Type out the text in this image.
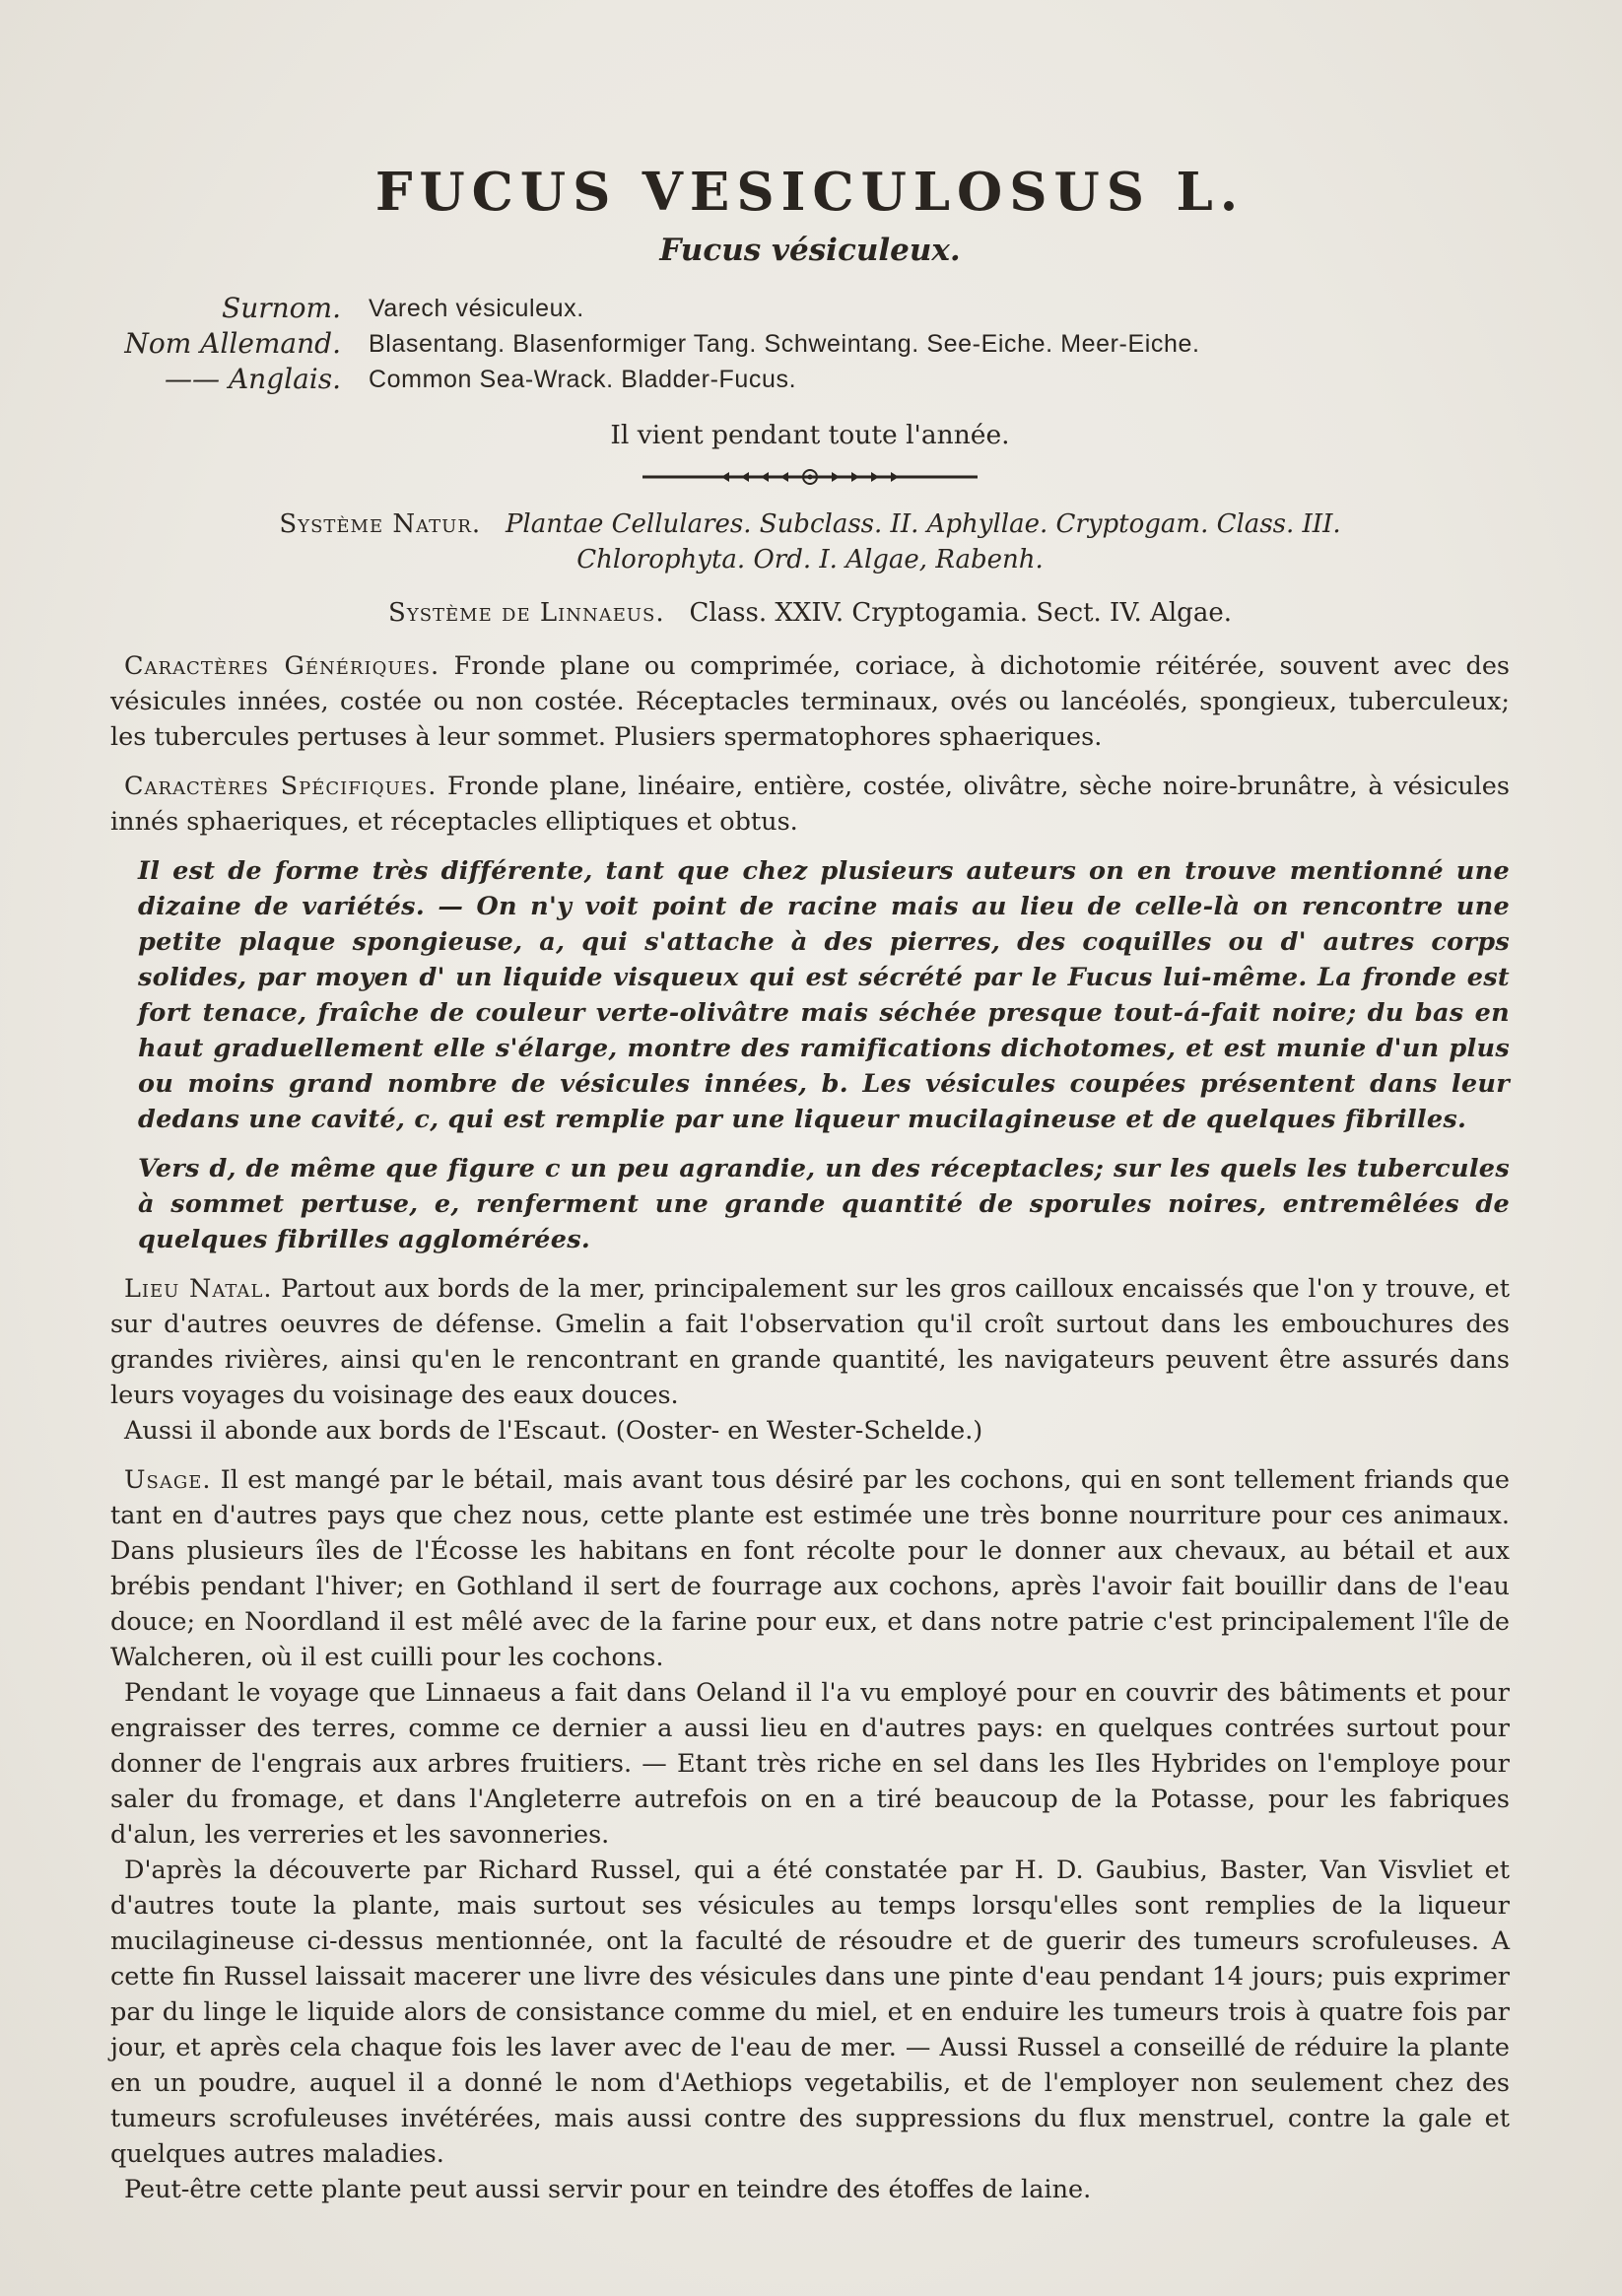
FUCUS VESICULOSUS L.
Fucus vésiculeux.
Surnom.	Varech vésiculeux.
Nom Allemand.	Blasentang. Blasenformiger Tang. Schweintang. See-Eiche. Meer-Eiche.
—— Anglais.	Common Sea-Wrack. Bladder-Fucus.
Il vient pendant toute l'année.
Système Natur. Plantae Cellulares. Subclass. II. Aphyllae. Cryptogam. Class. III.
Chlorophyta. Ord. I. Algae, Rabenh.
Système de Linnaeus. Class. XXIV. Cryptogamia. Sect. IV. Algae.

Caractères Génériques. Fronde plane ou comprimée, coriace, à dichotomie réitérée, souvent avec des vésicules innées, costée ou non costée. Réceptacles terminaux, ovés ou lancéolés, spongieux, tuberculeux; les tubercules pertuses à leur sommet. Plusiers spermatophores sphaeriques.

Caractères Spécifiques. Fronde plane, linéaire, entière, costée, olivâtre, sèche noire-brunâtre, à vésicules innés sphaeriques, et réceptacles elliptiques et obtus.

Il est de forme très différente, tant que chez plusieurs auteurs on en trouve mentionné une dizaine de variétés. — On n'y voit point de racine mais au lieu de celle-là on rencontre une petite plaque spongieuse, a, qui s'attache à des pierres, des coquilles ou d' autres corps solides, par moyen d' un liquide visqueux qui est sécrété par le Fucus lui-même. La fronde est fort tenace, fraîche de couleur verte-olivâtre mais séchée presque tout-á-fait noire; du bas en haut graduellement elle s'élarge, montre des ramifications dichotomes, et est munie d'un plus ou moins grand nombre de vésicules innées, b. Les vésicules coupées présentent dans leur dedans une cavité, c, qui est remplie par une liqueur mucilagineuse et de quelques fibrilles.

Vers d, de même que figure c un peu agrandie, un des réceptacles; sur les quels les tubercules à sommet pertuse, e, renferment une grande quantité de sporules noires, entremêlées de quelques fibrilles agglomérées.

Lieu Natal. Partout aux bords de la mer, principalement sur les gros cailloux encaissés que l'on y trouve, et sur d'autres oeuvres de défense. Gmelin a fait l'observation qu'il croît surtout dans les embouchures des grandes rivières, ainsi qu'en le rencontrant en grande quantité, les navigateurs peuvent être assurés dans leurs voyages du voisinage des eaux douces.

Aussi il abonde aux bords de l'Escaut. (Ooster- en Wester-Schelde.)

Usage. Il est mangé par le bétail, mais avant tous désiré par les cochons, qui en sont tellement friands que tant en d'autres pays que chez nous, cette plante est estimée une très bonne nourriture pour ces animaux. Dans plusieurs îles de l'Écosse les habitans en font récolte pour le donner aux chevaux, au bétail et aux brébis pendant l'hiver; en Gothland il sert de fourrage aux cochons, après l'avoir fait bouillir dans de l'eau douce; en Noordland il est mêlé avec de la farine pour eux, et dans notre patrie c'est principalement l'île de Walcheren, où il est cuilli pour les cochons.

Pendant le voyage que Linnaeus a fait dans Oeland il l'a vu employé pour en couvrir des bâtiments et pour engraisser des terres, comme ce dernier a aussi lieu en d'autres pays: en quelques contrées surtout pour donner de l'engrais aux arbres fruitiers. — Etant très riche en sel dans les Iles Hybrides on l'employe pour saler du fromage, et dans l'Angleterre autrefois on en a tiré beaucoup de la Potasse, pour les fabriques d'alun, les verreries et les savonneries.

D'après la découverte par Richard Russel, qui a été constatée par H. D. Gaubius, Baster, Van Visvliet et d'autres toute la plante, mais surtout ses vésicules au temps lorsqu'elles sont remplies de la liqueur mucilagineuse ci-dessus mentionnée, ont la faculté de résoudre et de guerir des tumeurs scrofuleuses. A cette fin Russel laissait macerer une livre des vésicules dans une pinte d'eau pendant 14 jours; puis exprimer par du linge le liquide alors de consistance comme du miel, et en enduire les tumeurs trois à quatre fois par jour, et après cela chaque fois les laver avec de l'eau de mer. — Aussi Russel a conseillé de réduire la plante en un poudre, auquel il a donné le nom d'Aethiops vegetabilis, et de l'employer non seulement chez des tumeurs scrofuleuses invétérées, mais aussi contre des suppressions du flux menstruel, contre la gale et quelques autres maladies.

Peut-être cette plante peut aussi servir pour en teindre des étoffes de laine.
